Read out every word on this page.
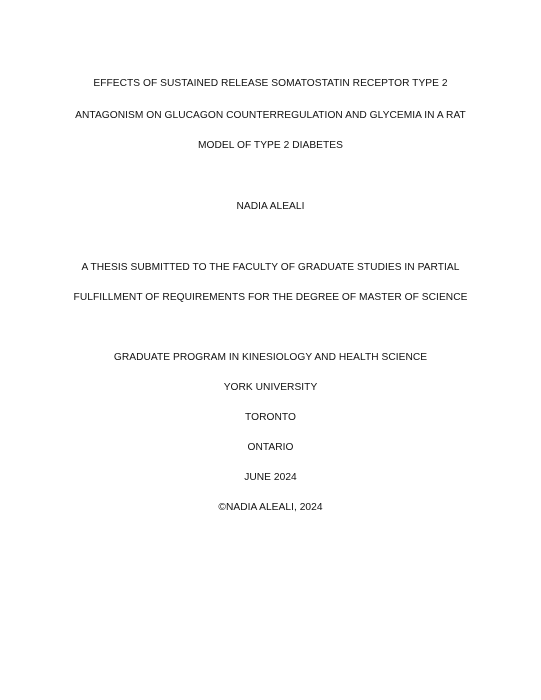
EFFECTS OF SUSTAINED RELEASE SOMATOSTATIN RECEPTOR TYPE 2
ANTAGONISM ON GLUCAGON COUNTERREGULATION AND GLYCEMIA IN A RAT
MODEL OF TYPE 2 DIABETES
NADIA ALEALI
A THESIS SUBMITTED TO THE FACULTY OF GRADUATE STUDIES IN PARTIAL
FULFILLMENT OF REQUIREMENTS FOR THE DEGREE OF MASTER OF SCIENCE
GRADUATE PROGRAM IN KINESIOLOGY AND HEALTH SCIENCE
YORK UNIVERSITY
TORONTO
ONTARIO
JUNE 2024
©NADIA ALEALI, 2024
